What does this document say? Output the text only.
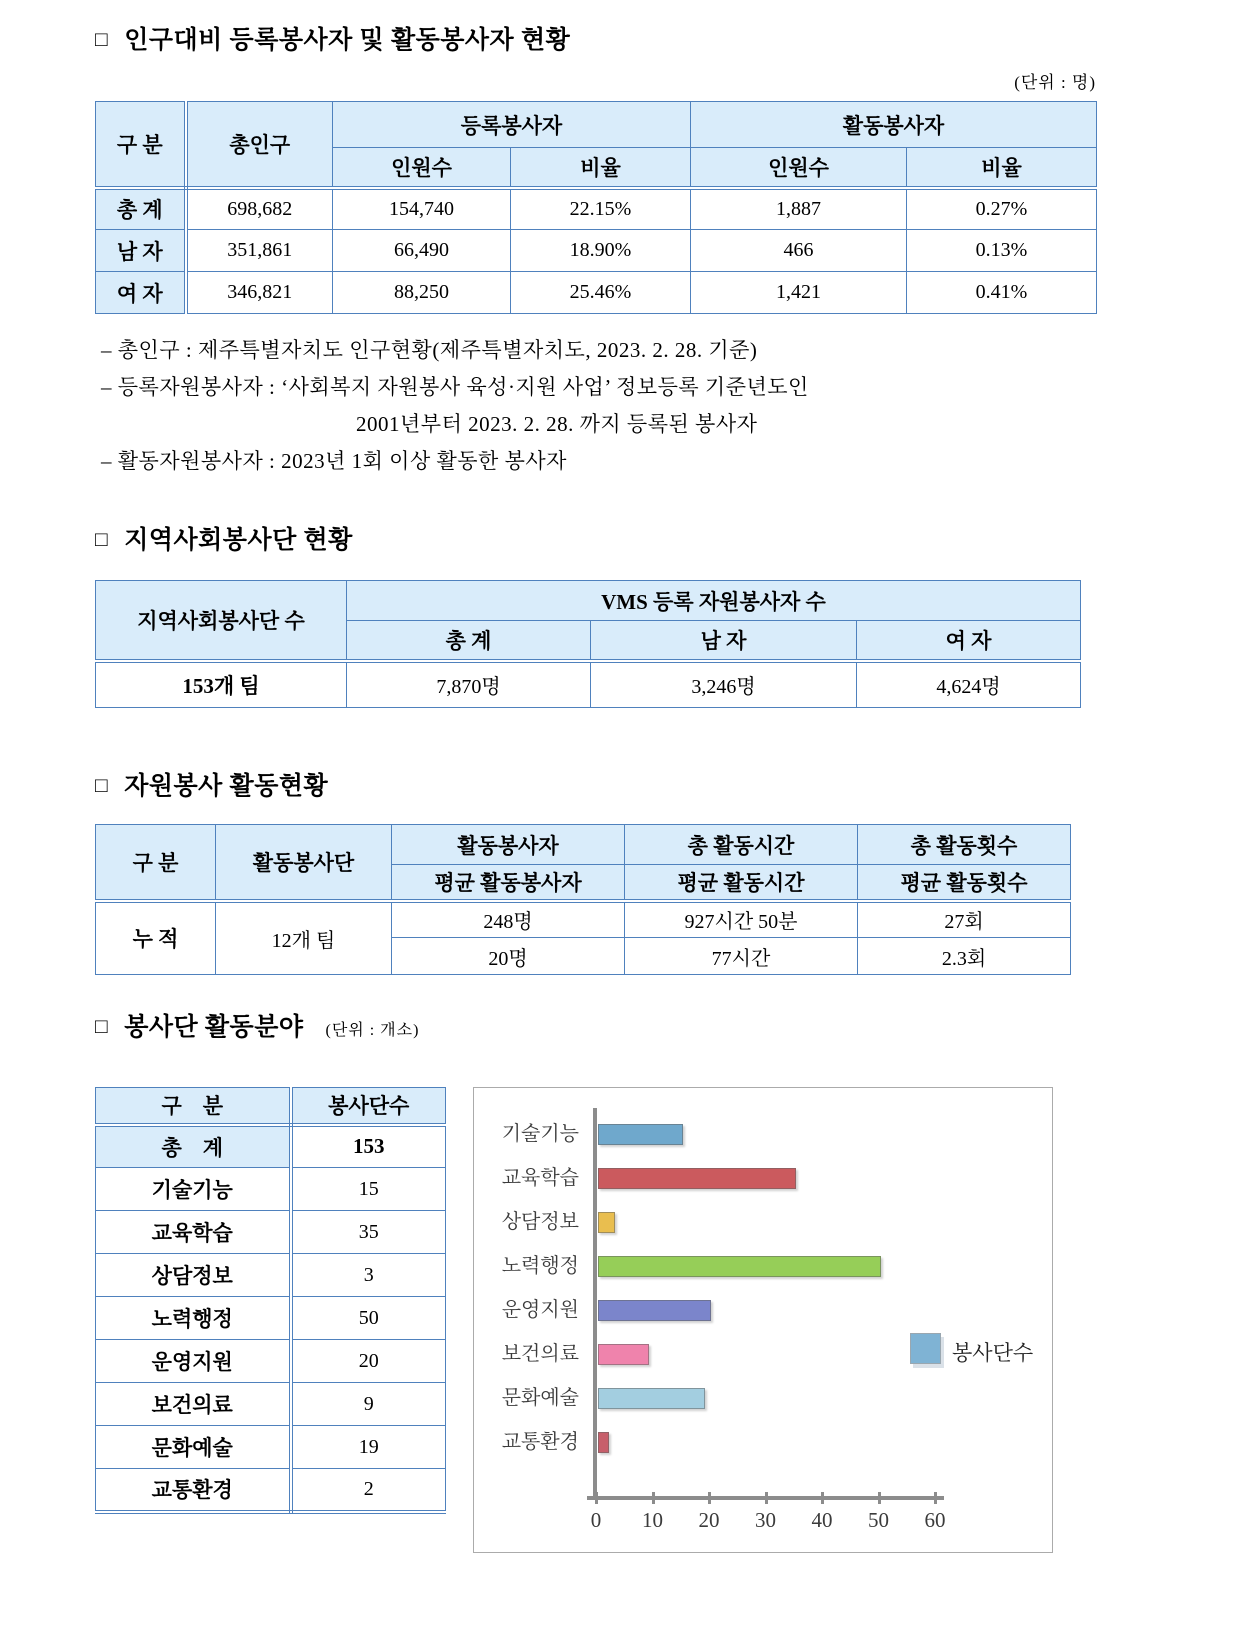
□ 인구대비 등록봉사자 및 활동봉사자 현황
(단위 : 명)
구 분	총인구	등록봉사자		활동봉사자	
		인원수	비율	인원수	비율
총 계	698,682	154,740	22.15%	1,887	0.27%
남 자	351,861	66,490	18.90%	466	0.13%
여 자	346,821	88,250	25.46%	1,421	0.41%
– 총인구 : 제주특별자치도 인구현황(제주특별자치도, 2023. 2. 28. 기준)
– 등록자원봉사자 : ‘사회복지 자원봉사 육성·지원 사업’ 정보등록 기준년도인
2001년부터 2023. 2. 28. 까지 등록된 봉사자
– 활동자원봉사자 : 2023년 1회 이상 활동한 봉사자
□ 지역사회봉사단 현황
지역사회봉사단 수	VMS 등록 자원봉사자 수		
	총 계	남 자	여 자
153개 팀	7,870명	3,246명	4,624명
□ 자원봉사 활동현황
구 분	활동봉사단	활동봉사자	총 활동시간	총 활동횟수
		평균 활동봉사자	평균 활동시간	평균 활동횟수
누 적	12개 팀	248명	927시간 50분	27회
		20명	77시간	2.3회
□ 봉사단 활동분야 (단위 : 개소)
구    분	봉사단수
총    계	153
기술기능	15
교육학습	35
상담정보	3
노력행정	50
운영지원	20
보건의료	9
문화예술	19
교통환경	2
기술기능
교육학습
상담정보
노력행정
운영지원
보건의료
문화예술
교통환경
0	10	20	30	40	50	60
봉사단수
